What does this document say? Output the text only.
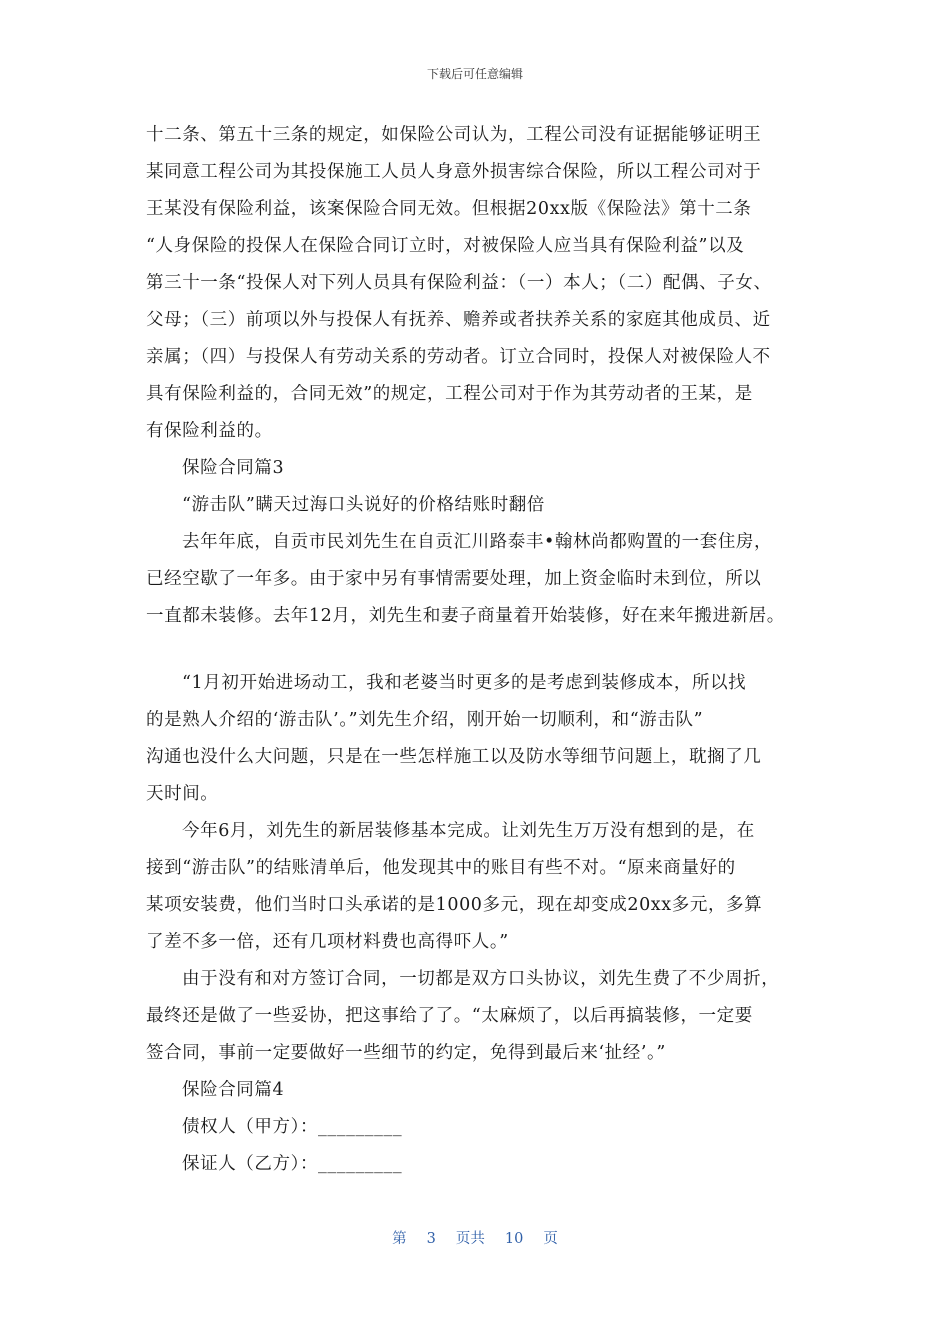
下载后可任意编辑
十二条、第五十三条的规定，如保险公司认为，工程公司没有证据能够证明王
某同意工程公司为其投保施工人员人身意外损害综合保险，所以工程公司对于
王某没有保险利益，该案保险合同无效。但根据20xx版《保险法》第十二条
“人身保险的投保人在保险合同订立时，对被保险人应当具有保险利益”以及
第三十一条“投保人对下列人员具有保险利益：（一）本人；（二）配偶、子女、
父母；（三）前项以外与投保人有抚养、赡养或者扶养关系的家庭其他成员、近
亲属；（四）与投保人有劳动关系的劳动者。订立合同时，投保人对被保险人不
具有保险利益的，合同无效”的规定，工程公司对于作为其劳动者的王某，是
有保险利益的。
保险合同篇3
“游击队”瞒天过海口头说好的价格结账时翻倍
去年年底，自贡市民刘先生在自贡汇川路泰丰•翰林尚都购置的一套住房，
已经空歇了一年多。由于家中另有事情需要处理，加上资金临时未到位，所以
一直都未装修。去年12月，刘先生和妻子商量着开始装修，好在来年搬进新居。
“1月初开始进场动工，我和老婆当时更多的是考虑到装修成本，所以找
的是熟人介绍的‘游击队’。”刘先生介绍，刚开始一切顺利，和“游击队”
沟通也没什么大问题，只是在一些怎样施工以及防水等细节问题上，耽搁了几
天时间。
今年6月，刘先生的新居装修基本完成。让刘先生万万没有想到的是，在
接到“游击队”的结账清单后，他发现其中的账目有些不对。“原来商量好的
某项安装费，他们当时口头承诺的是1000多元，现在却变成20xx多元，多算
了差不多一倍，还有几项材料费也高得吓人。”
由于没有和对方签订合同，一切都是双方口头协议，刘先生费了不少周折，
最终还是做了一些妥协，把这事给了了。“太麻烦了，以后再搞装修，一定要
签合同，事前一定要做好一些细节的约定，免得到最后来‘扯经’。”
保险合同篇4
债权人（甲方）：_________
保证人（乙方）：_________
第 3 页共 10 页
